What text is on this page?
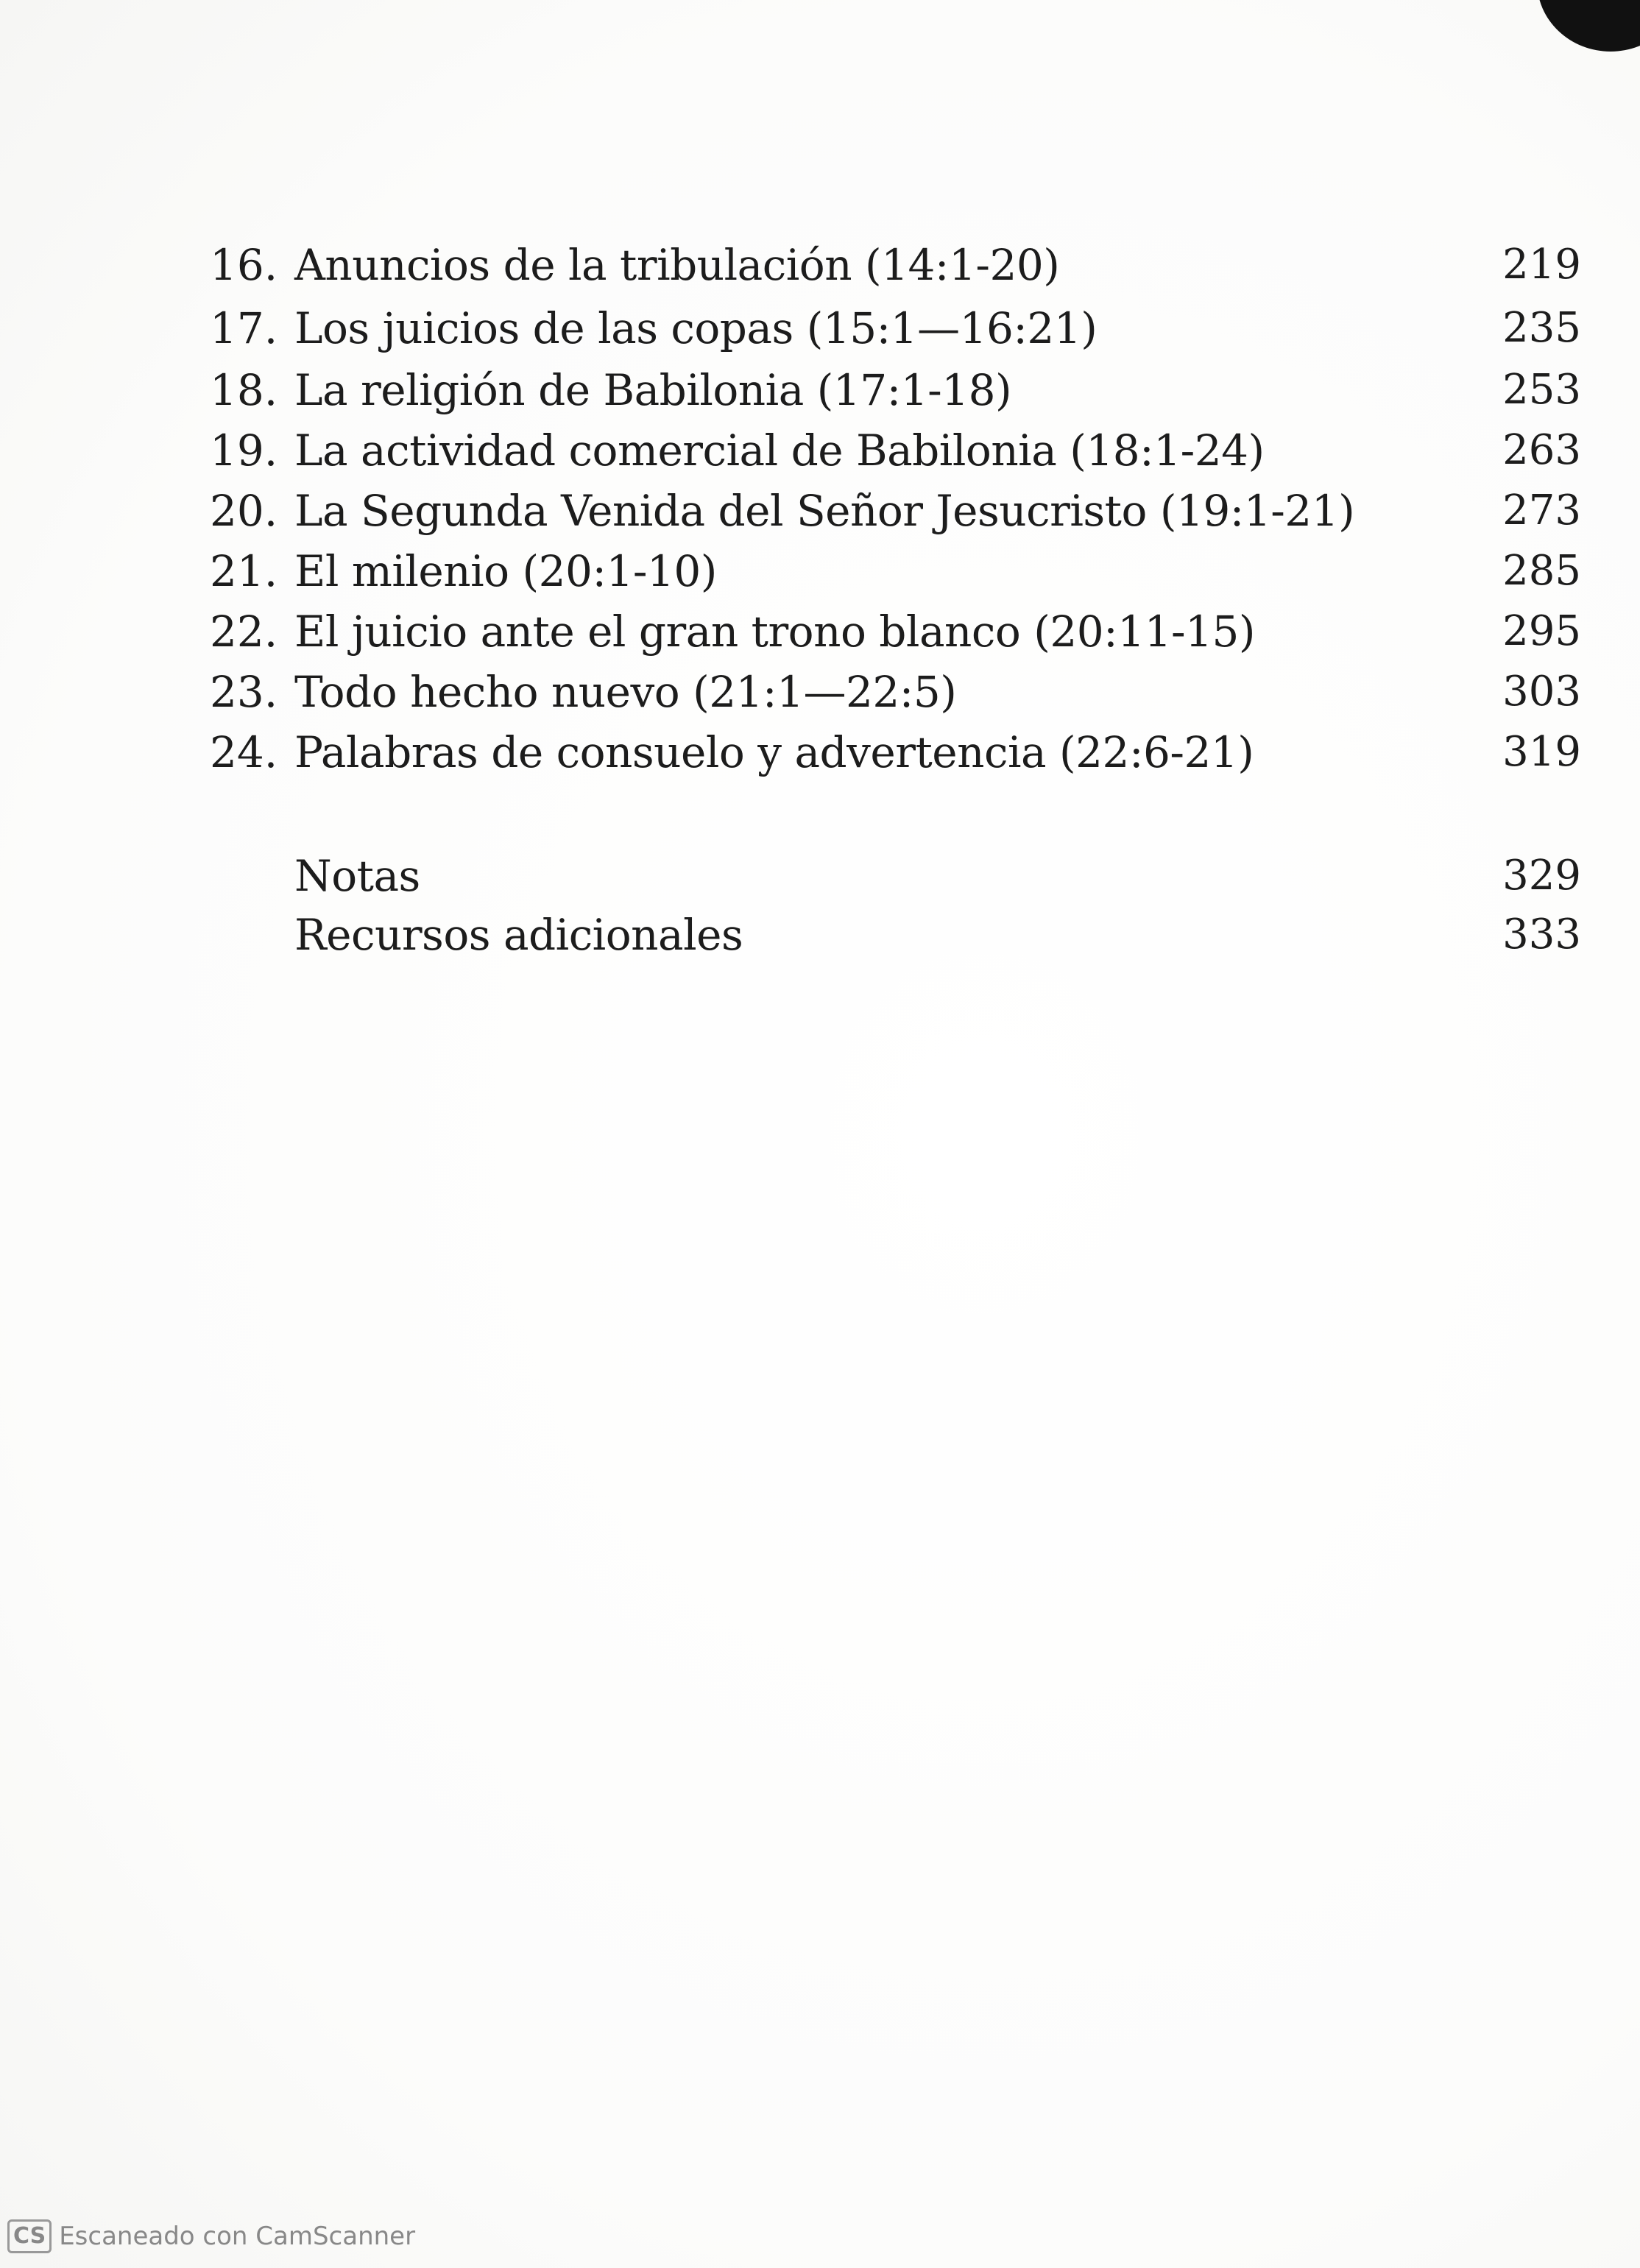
16. Anuncios de la tribulación (14:1-20)	219
17. Los juicios de las copas (15:1—16:21)	235
18. La religión de Babilonia (17:1-18)	253
19. La actividad comercial de Babilonia (18:1-24)	263
20. La Segunda Venida del Señor Jesucristo (19:1-21)	273
21. El milenio (20:1-10)	285
22. El juicio ante el gran trono blanco (20:11-15)	295
23. Todo hecho nuevo (21:1—22:5)	303
24. Palabras de consuelo y advertencia (22:6-21)	319
Notas	329
Recursos adicionales	333
CS Escaneado con CamScanner
